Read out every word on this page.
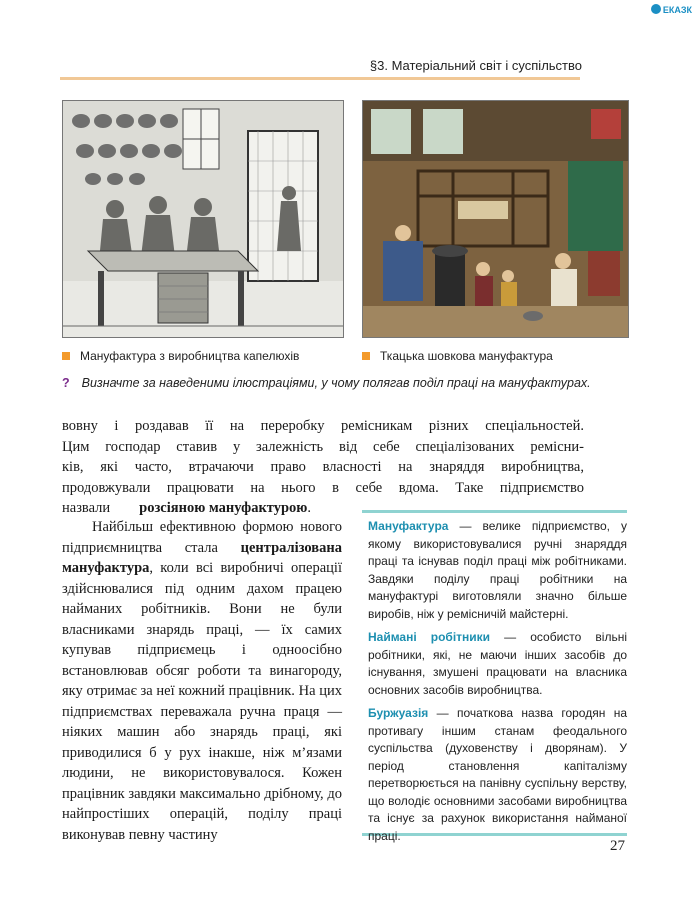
ЕКАЗК
§3. Матеріальний світ і суспільство
Мануфактура з виробництва капелюхів	Ткацька шовкова мануфактура
? Визначте за наведеними ілюстраціями, у чому полягав поділ праці на мануфактурах.

вовну і роздавав її на переробку ремісникам різних спеціальностей.

Цим господар ставив у залежність від себе спеціалізованих ремісни-

ків, які часто, втрачаючи право власності на знаряддя виробництва,

продовжували працювати на нього в себе вдома. Таке підприємство

назвали розсіяною мануфактурою.

Найбільш ефективною формою нового підприємництва стала централізована мануфактура, коли всі виробничі операції здійснювалися під одним дахом працею найманих робітників. Вони не були власниками знарядь праці, — їх самих купував підприємець і одноосібно встановлював обсяг роботи та винагороду, яку отримає за неї кожний працівник. На цих підприємствах переважала ручна праця — ніяких машин або знарядь праці, які приводилися б у рух інакше, ніж м’язами людини, не використовувалося. Кожен працівник завдяки максимально дрібному, до найпростіших операцій, поділу праці виконував певну частину

Мануфактура — велике підприємство, у якому використовувалися ручні знаряддя праці та існував поділ праці між робітниками. Завдяки поділу праці робітники на мануфактурі виготовляли значно більше виробів, ніж у ремісничій майстерні.
Наймані робітники — особисто вільні робітники, які, не маючи інших засобів до існування, змушені працювати на власника основних засобів виробництва.
Буржуазія — початкова назва городян на противагу іншим станам феодального суспільства (духовенству і дворянам). У період становлення капіталізму перетворюється на панівну суспільну верству, що володіє основними засобами виробництва та існує за рахунок використання найманої праці.
27
